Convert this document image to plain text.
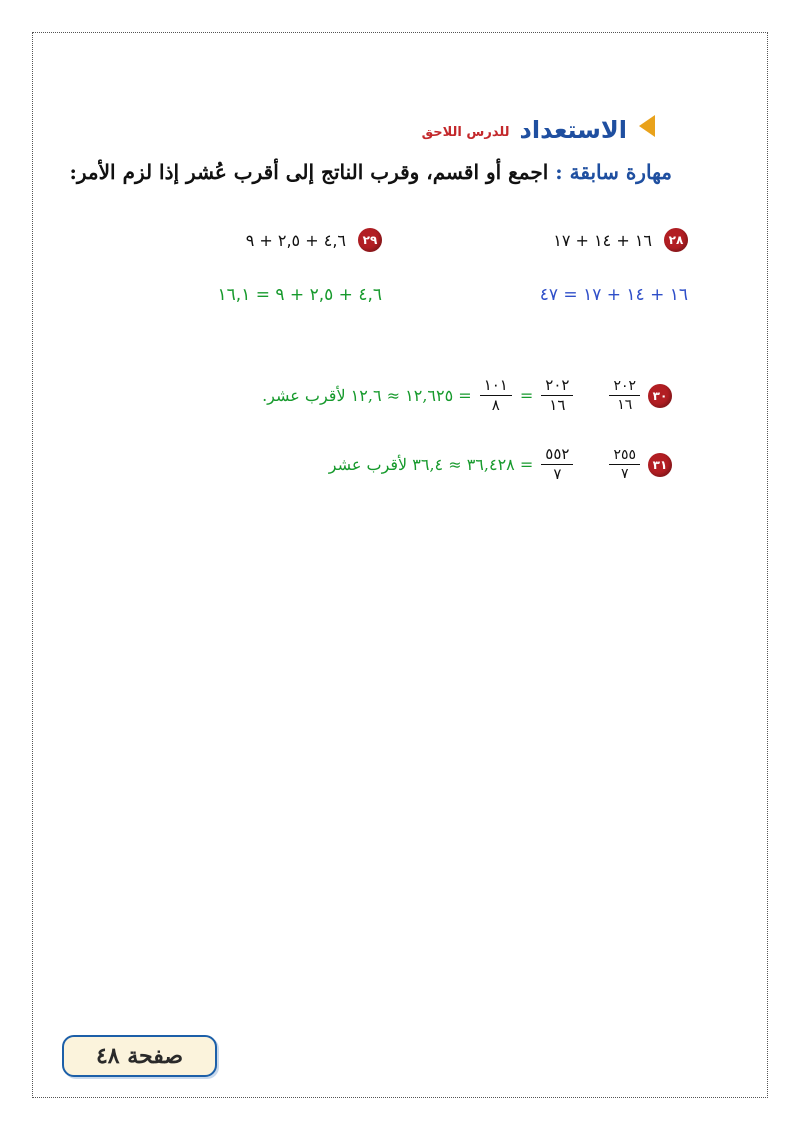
الاستعداد
للدرس اللاحق
مهارة سابقة : اجمع أو اقسم، وقرب الناتج إلى أقرب عُشر إذا لزم الأمر:
٢٨
١٦ + ١٤ + ١٧
١٦ + ١٤ + ١٧ = ٤٧
٢٩
٤,٦ + ٢,٥ + ٩
٤,٦ + ٢,٥ + ٩ = ١٦,١
٣٠
$\frac{٢٠٢}{١٦}$
$\frac{٢٠٢}{١٦}$
=
$\frac{١٠١}{٨}$
= ١٢,٦٢٥ ≈ ١٢,٦ لأقرب عشر.
٣١
$\frac{٢٥٥}{٧}$
$\frac{٥٥٢}{٧}$
= ٣٦,٤٢٨ ≈ ٣٦,٤ لأقرب عشر
صفحة ٤٨
